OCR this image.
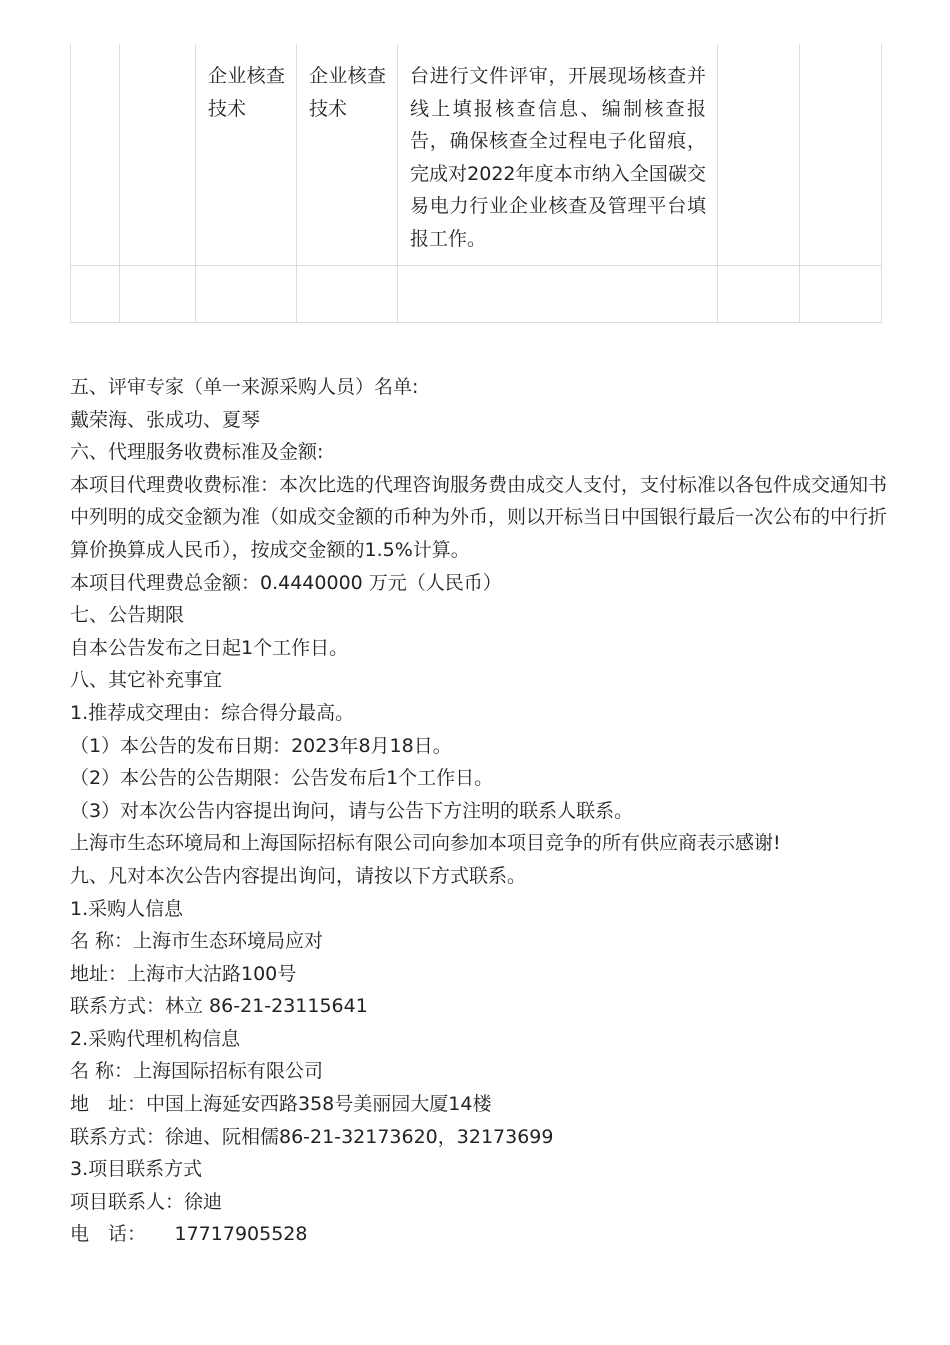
		企业核查技术	企业核查技术	台进行文件评审，开展现场核查并线上填报核查信息、编制核查报告，确保核查全过程电子化留痕，完成对2022年度本市纳入全国碳交易电力行业企业核查及管理平台填报工作。		

五、评审专家（单一来源采购人员）名单:

戴荣海、张成功、夏琴

六、代理服务收费标准及金额:

本项目代理费收费标准：本次比选的代理咨询服务费由成交人支付，支付标准以各包件成交通知书中列明的成交金额为准（如成交金额的币种为外币，则以开标当日中国银行最后一次公布的中行折算价换算成人民币），按成交金额的1.5%计算。

本项目代理费总金额：0.4440000 万元（人民币）

七、公告期限

自本公告发布之日起1个工作日。

八、其它补充事宜

1.推荐成交理由：综合得分最高。

（1）本公告的发布日期：2023年8月18日。

（2）本公告的公告期限：公告发布后1个工作日。

（3）对本次公告内容提出询问，请与公告下方注明的联系人联系。

上海市生态环境局和上海国际招标有限公司向参加本项目竞争的所有供应商表示感谢!

九、凡对本次公告内容提出询问，请按以下方式联系。

1.采购人信息

名 称：上海市生态环境局应对

地址：上海市大沽路100号

联系方式：林立 86-21-23115641

2.采购代理机构信息

名 称：上海国际招标有限公司

地　址：中国上海延安西路358号美丽园大厦14楼

联系方式：徐迪、阮相儒86-21-32173620，32173699

3.项目联系方式

项目联系人：徐迪

电　话：　　17717905528
